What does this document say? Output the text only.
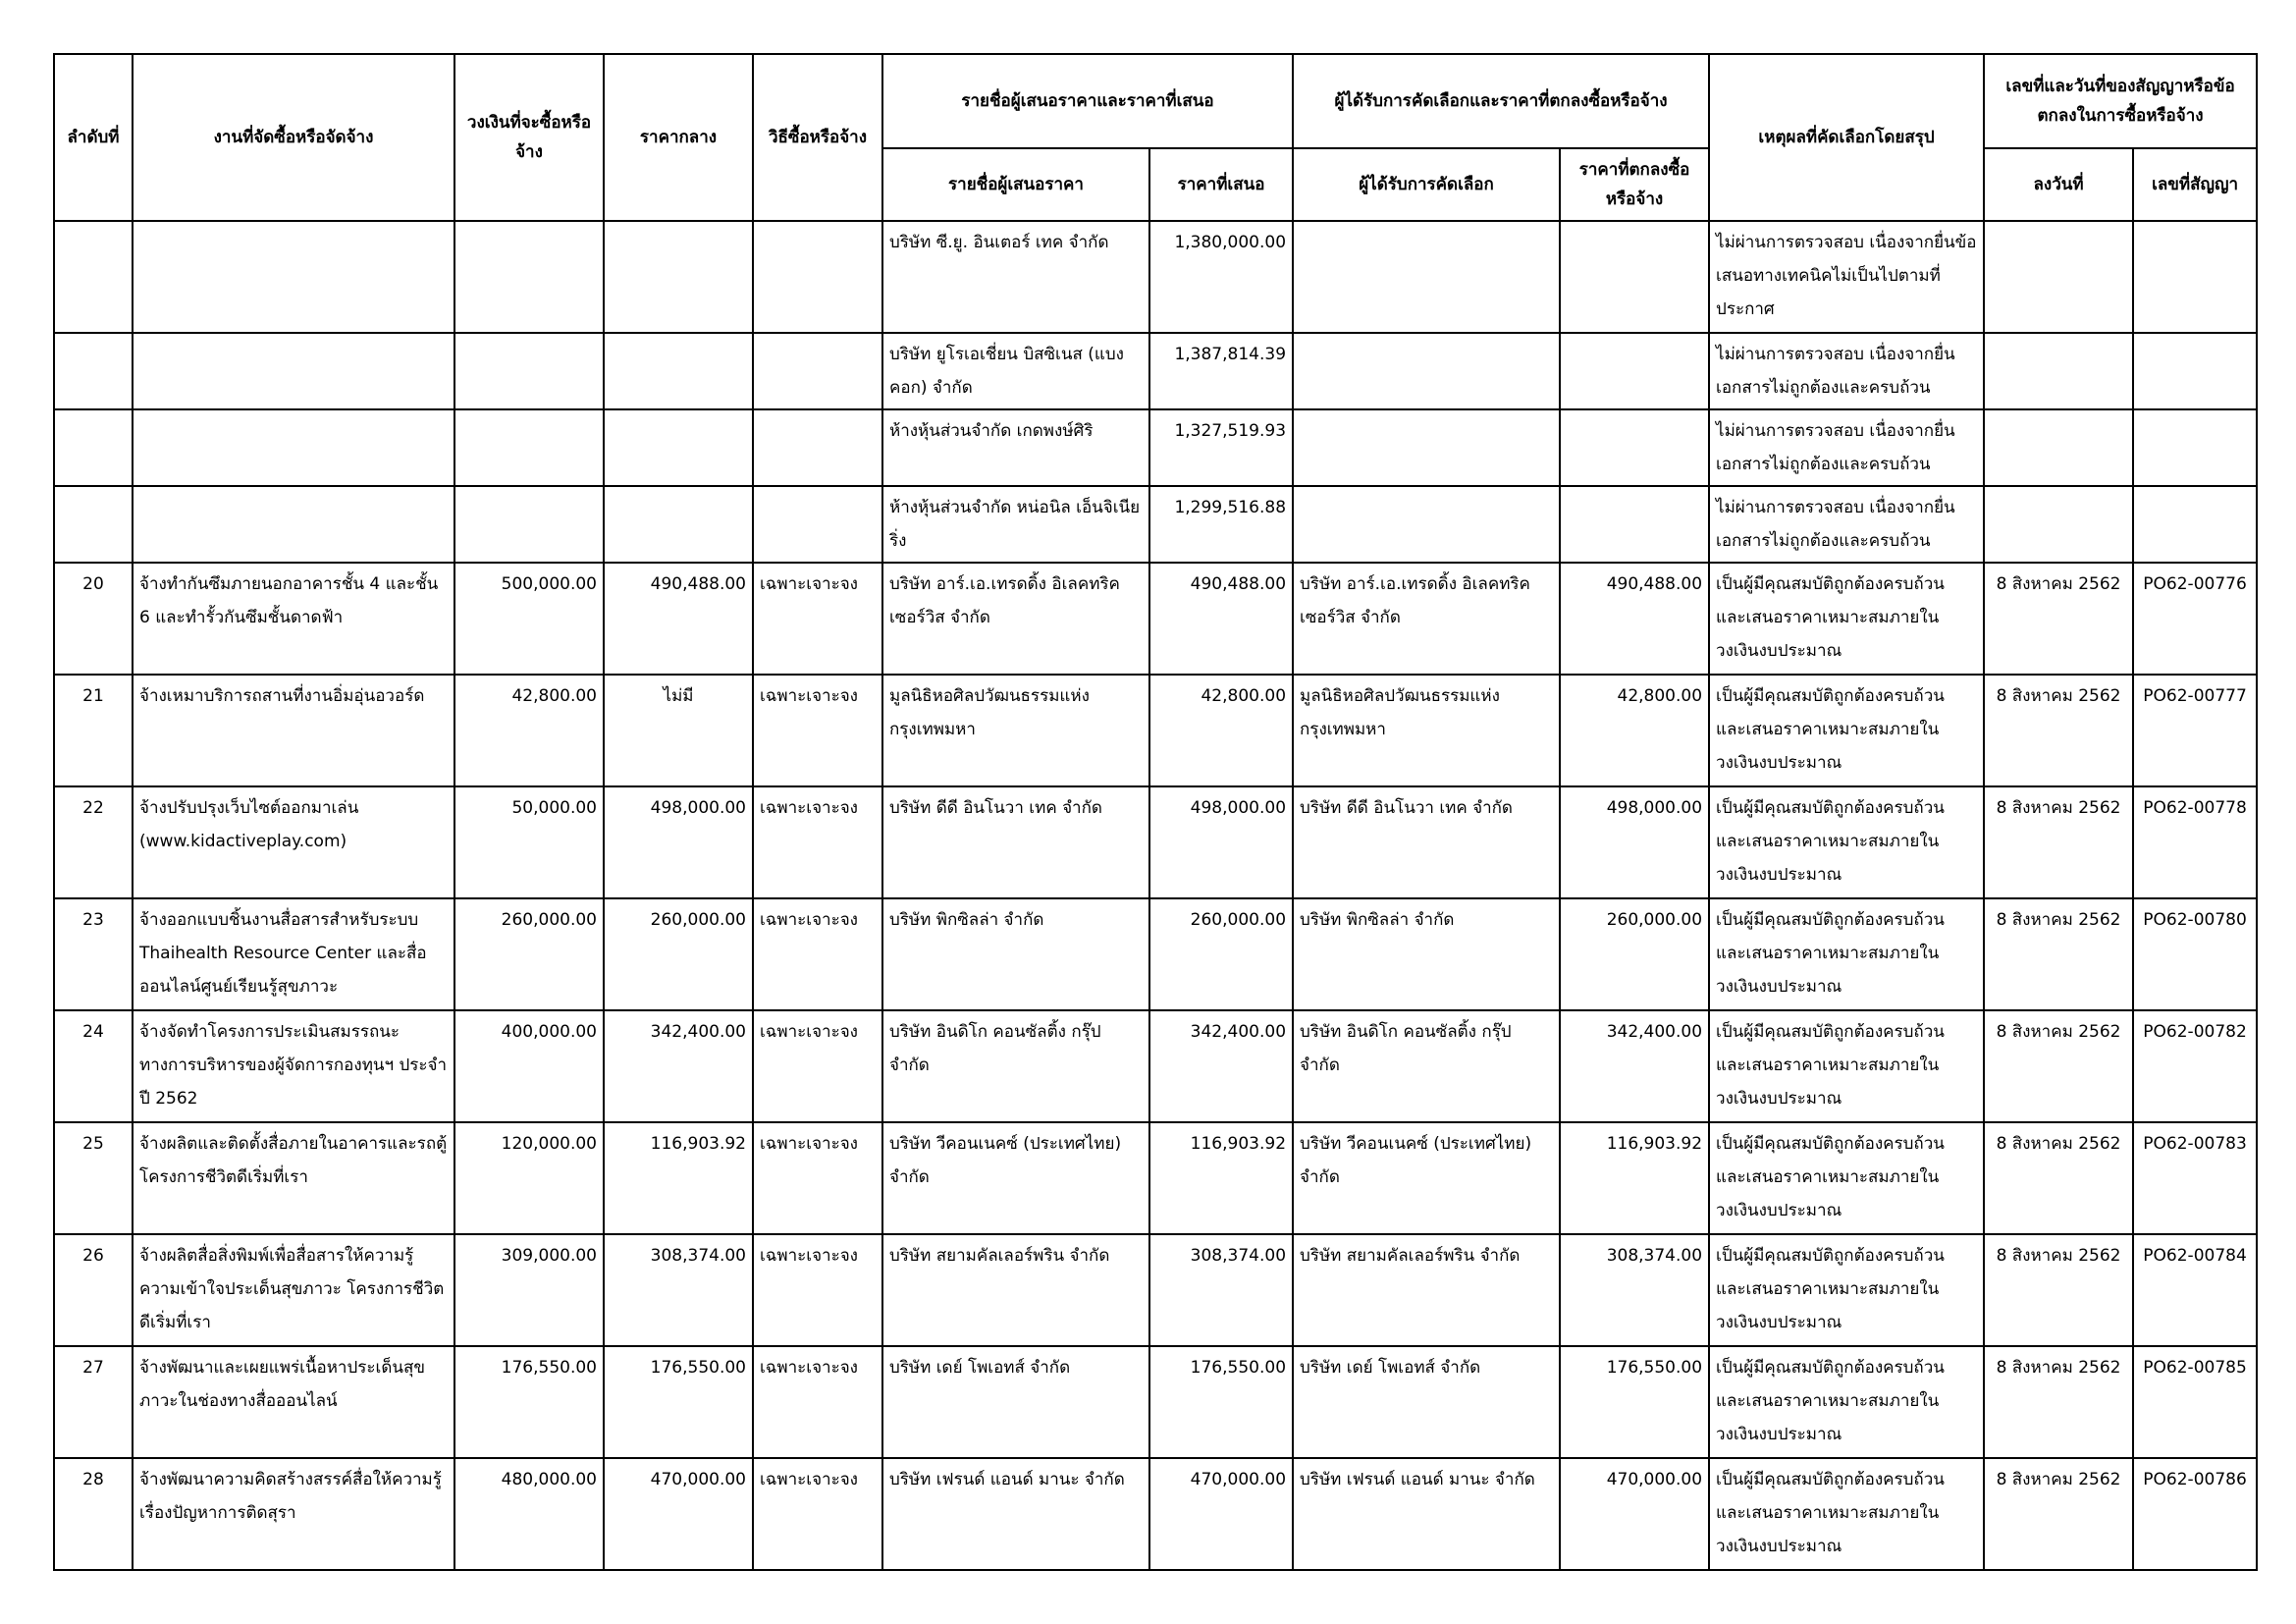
ลำดับที่	งานที่จัดซื้อหรือจัดจ้าง	วงเงินที่จะซื้อหรือจ้าง	ราคากลาง	วิธีซื้อหรือจ้าง	รายชื่อผู้เสนอราคาและราคาที่เสนอ		ผู้ได้รับการคัดเลือกและราคาที่ตกลงซื้อหรือจ้าง		เหตุผลที่คัดเลือกโดยสรุป	เลขที่และวันที่ของสัญญาหรือข้อตกลงในการซื้อหรือจ้าง	
					รายชื่อผู้เสนอราคา	ราคาที่เสนอ	ผู้ได้รับการคัดเลือก	ราคาที่ตกลงซื้อหรือจ้าง		ลงวันที่	เลขที่สัญญา
					บริษัท ซี.ยู. อินเตอร์ เทค จำกัด	1,380,000.00			ไม่ผ่านการตรวจสอบ เนื่องจากยื่นข้อเสนอทางเทคนิคไม่เป็นไปตามที่ประกาศ		
					บริษัท ยูโรเอเชี่ยน บิสซิเนส (แบงคอก) จำกัด	1,387,814.39			ไม่ผ่านการตรวจสอบ เนื่องจากยื่นเอกสารไม่ถูกต้องและครบถ้วน		
					ห้างหุ้นส่วนจำกัด เกดพงษ์ศิริ	1,327,519.93			ไม่ผ่านการตรวจสอบ เนื่องจากยื่นเอกสารไม่ถูกต้องและครบถ้วน		
					ห้างหุ้นส่วนจำกัด หน่อนิล เอ็นจิเนียริ่ง	1,299,516.88			ไม่ผ่านการตรวจสอบ เนื่องจากยื่นเอกสารไม่ถูกต้องและครบถ้วน		
20	จ้างทำกันซึมภายนอกอาคารชั้น 4 และชั้น 6 และทำรั้วกันซึมชั้นดาดฟ้า	500,000.00	490,488.00	เฉพาะเจาะจง	บริษัท อาร์.เอ.เทรดดิ้ง อิเลคทริค เซอร์วิส จำกัด	490,488.00	บริษัท อาร์.เอ.เทรดดิ้ง อิเลคทริค เซอร์วิส จำกัด	490,488.00	เป็นผู้มีคุณสมบัติถูกต้องครบถ้วน และเสนอราคาเหมาะสมภายในวงเงินงบประมาณ	8 สิงหาคม 2562	PO62-00776
21	จ้างเหมาบริการถสานที่งานอิ่มอุ่นอวอร์ด	42,800.00	ไม่มี	เฉพาะเจาะจง	มูลนิธิหอศิลปวัฒนธรรมแห่งกรุงเทพมหา	42,800.00	มูลนิธิหอศิลปวัฒนธรรมแห่งกรุงเทพมหา	42,800.00	เป็นผู้มีคุณสมบัติถูกต้องครบถ้วน และเสนอราคาเหมาะสมภายในวงเงินงบประมาณ	8 สิงหาคม 2562	PO62-00777
22	จ้างปรับปรุงเว็บไซต์ออกมาเล่น (www.kidactiveplay.com)	50,000.00	498,000.00	เฉพาะเจาะจง	บริษัท ดีดี อินโนวา เทค จำกัด	498,000.00	บริษัท ดีดี อินโนวา เทค จำกัด	498,000.00	เป็นผู้มีคุณสมบัติถูกต้องครบถ้วน และเสนอราคาเหมาะสมภายในวงเงินงบประมาณ	8 สิงหาคม 2562	PO62-00778
23	จ้างออกแบบชิ้นงานสื่อสารสำหรับระบบ Thaihealth Resource Center และสื่อออนไลน์ศูนย์เรียนรู้สุขภาวะ	260,000.00	260,000.00	เฉพาะเจาะจง	บริษัท พิกซิลล่า จำกัด	260,000.00	บริษัท พิกซิลล่า จำกัด	260,000.00	เป็นผู้มีคุณสมบัติถูกต้องครบถ้วน และเสนอราคาเหมาะสมภายในวงเงินงบประมาณ	8 สิงหาคม 2562	PO62-00780
24	จ้างจัดทำโครงการประเมินสมรรถนะทางการบริหารของผู้จัดการกองทุนฯ ประจำปี 2562	400,000.00	342,400.00	เฉพาะเจาะจง	บริษัท อินดิโก คอนซัลติ้ง กรุ๊ป จำกัด	342,400.00	บริษัท อินดิโก คอนซัลติ้ง กรุ๊ป จำกัด	342,400.00	เป็นผู้มีคุณสมบัติถูกต้องครบถ้วน และเสนอราคาเหมาะสมภายในวงเงินงบประมาณ	8 สิงหาคม 2562	PO62-00782
25	จ้างผลิตและติดตั้งสื่อภายในอาคารและรถตู้ โครงการชีวิตดีเริ่มที่เรา	120,000.00	116,903.92	เฉพาะเจาะจง	บริษัท วีคอนเนคซ์ (ประเทศไทย) จำกัด	116,903.92	บริษัท วีคอนเนคซ์ (ประเทศไทย) จำกัด	116,903.92	เป็นผู้มีคุณสมบัติถูกต้องครบถ้วน และเสนอราคาเหมาะสมภายในวงเงินงบประมาณ	8 สิงหาคม 2562	PO62-00783
26	จ้างผลิตสื่อสิ่งพิมพ์เพื่อสื่อสารให้ความรู้ความเข้าใจประเด็นสุขภาวะ โครงการชีวิตดีเริ่มที่เรา	309,000.00	308,374.00	เฉพาะเจาะจง	บริษัท สยามคัลเลอร์พริน จำกัด	308,374.00	บริษัท สยามคัลเลอร์พริน จำกัด	308,374.00	เป็นผู้มีคุณสมบัติถูกต้องครบถ้วน และเสนอราคาเหมาะสมภายในวงเงินงบประมาณ	8 สิงหาคม 2562	PO62-00784
27	จ้างพัฒนาและเผยแพร่เนื้อหาประเด็นสุขภาวะในช่องทางสื่อออนไลน์	176,550.00	176,550.00	เฉพาะเจาะจง	บริษัท เดย์ โพเอทส์ จำกัด	176,550.00	บริษัท เดย์ โพเอทส์ จำกัด	176,550.00	เป็นผู้มีคุณสมบัติถูกต้องครบถ้วน และเสนอราคาเหมาะสมภายในวงเงินงบประมาณ	8 สิงหาคม 2562	PO62-00785
28	จ้างพัฒนาความคิดสร้างสรรค์สื่อให้ความรู้ เรื่องปัญหาการติดสุรา	480,000.00	470,000.00	เฉพาะเจาะจง	บริษัท เฟรนด์ แอนด์ มานะ จำกัด	470,000.00	บริษัท เฟรนด์ แอนด์ มานะ จำกัด	470,000.00	เป็นผู้มีคุณสมบัติถูกต้องครบถ้วน และเสนอราคาเหมาะสมภายในวงเงินงบประมาณ	8 สิงหาคม 2562	PO62-00786
